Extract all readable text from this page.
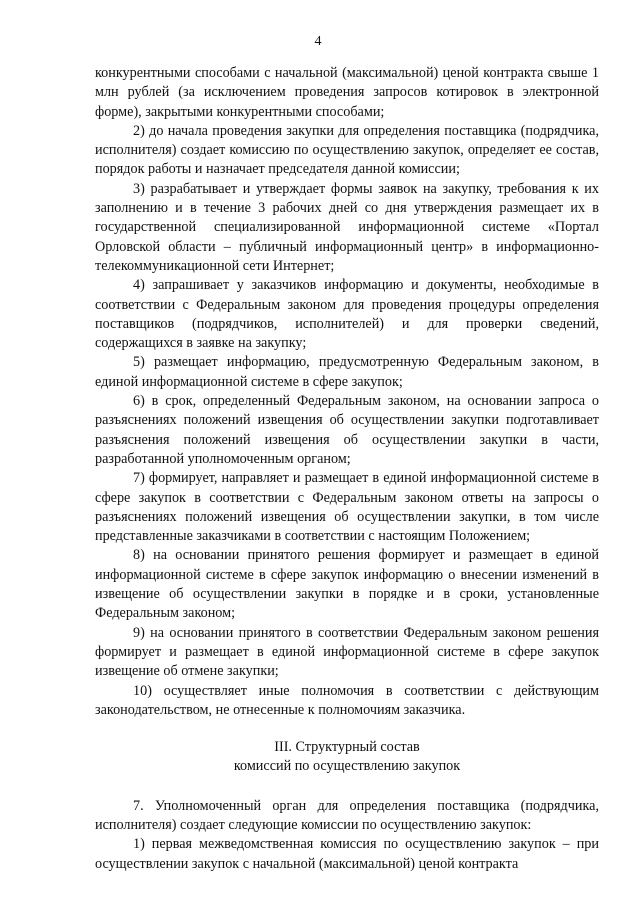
4

конкурентными способами с начальной (максимальной) ценой контракта свыше 1 млн рублей (за исключением проведения запросов котировок в электронной форме), закрытыми конкурентными способами;

2) до начала проведения закупки для определения поставщика (подрядчика, исполнителя) создает комиссию по осуществлению закупок, определяет ее состав, порядок работы и назначает председателя данной комиссии;

3) разрабатывает и утверждает формы заявок на закупку, требования к их заполнению и в течение 3 рабочих дней со дня утверждения размещает их в государственной специализированной информационной системе «Портал Орловской области – публичный информационный центр» в информационно-телекоммуникационной сети Интернет;

4) запрашивает у заказчиков информацию и документы, необходимые в соответствии с Федеральным законом для проведения процедуры определения поставщиков (подрядчиков, исполнителей) и для проверки сведений, содержащихся в заявке на закупку;

5) размещает информацию, предусмотренную Федеральным законом, в единой информационной системе в сфере закупок;

6) в срок, определенный Федеральным законом, на основании запроса о разъяснениях положений извещения об осуществлении закупки подготавливает разъяснения положений извещения об осуществлении закупки в части, разработанной уполномоченным органом;

7) формирует, направляет и размещает в единой информационной системе в сфере закупок в соответствии с Федеральным законом ответы на запросы о разъяснениях положений извещения об осуществлении закупки, в том числе представленные заказчиками в соответствии с настоящим Положением;

8) на основании принятого решения формирует и размещает в единой информационной системе в сфере закупок информацию о внесении изменений в извещение об осуществлении закупки в порядке и в сроки, установленные Федеральным законом;

9) на основании принятого в соответствии Федеральным законом решения формирует и размещает в единой информационной системе в сфере закупок извещение об отмене закупки;

10) осуществляет иные полномочия в соответствии с действующим законодательством, не отнесенные к полномочиям заказчика.

III. Структурный состав

комиссий по осуществлению закупок

7. Уполномоченный орган для определения поставщика (подрядчика, исполнителя) создает следующие комиссии по осуществлению закупок:

1) первая межведомственная комиссия по осуществлению закупок – при осуществлении закупок с начальной (максимальной) ценой контракта
